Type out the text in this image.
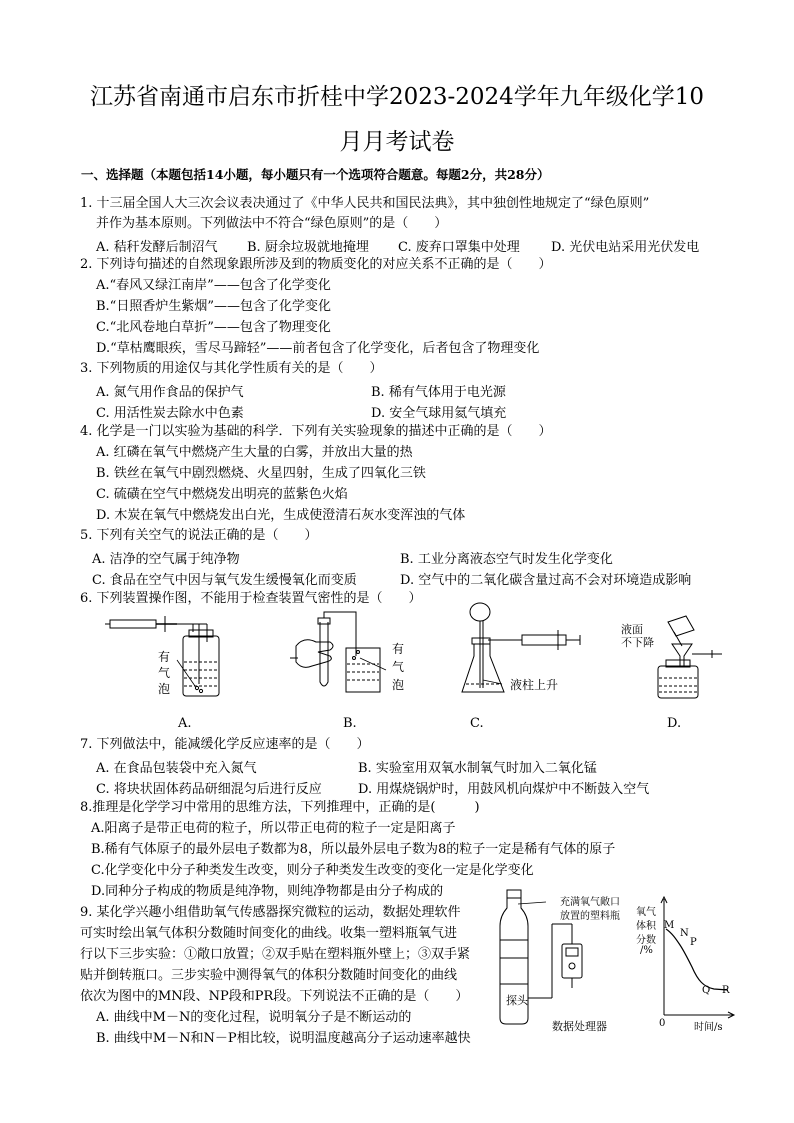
江苏省南通市启东市折桂中学2023-2024学年九年级化学10
月月考试卷
一、选择题（本题包括14小题，每小题只有一个选项符合题意。每题2分，共28分）
1. 十三届全国人大三次会议表决通过了《中华人民共和国民法典》，其中独创性地规定了“绿色原则”
并作为基本原则。下列做法中不符合“绿色原则”的是（　　）
A. 秸秆发酵后制沼气 B. 厨余垃圾就地掩埋 C. 废弃口罩集中处理 D. 光伏电站采用光伏发电
2. 下列诗句描述的自然现象跟所涉及到的物质变化的对应关系不正确的是（　　）
A.“春风又绿江南岸”——包含了化学变化
B.“日照香炉生紫烟”——包含了化学变化
C.“北风卷地白草折”——包含了物理变化
D.“草枯鹰眼疾，雪尽马蹄轻”——前者包含了化学变化，后者包含了物理变化
3. 下列物质的用途仅与其化学性质有关的是（　　）
A. 氮气用作食品的保护气	B. 稀有气体用于电光源
C. 用活性炭去除水中色素	D. 安全气球用氦气填充
4. 化学是一门以实验为基础的科学．下列有关实验现象的描述中正确的是（　　）
A. 红磷在氧气中燃烧产生大量的白雾，并放出大量的热
B. 铁丝在氧气中剧烈燃烧、火星四射，生成了四氧化三铁
C. 硫磺在空气中燃烧发出明亮的蓝紫色火焰
D. 木炭在氧气中燃烧发出白光，生成使澄清石灰水变浑浊的气体
5. 下列有关空气的说法正确的是（　　）
A. 洁净的空气属于纯净物	B. 工业分离液态空气时发生化学变化
C. 食品在空气中因与氧气发生缓慢氧化而变质	D. 空气中的二氧化碳含量过高不会对环境造成影响
6. 下列装置操作图，不能用于检查装置气密性的是（　　）
有
气
泡
有
气
泡	液柱上升
液面
不下降
A.	B.	C.	D.
7. 下列做法中，能减缓化学反应速率的是（　　）
A. 在食品包装袋中充入氮气	B. 实验室用双氧水制氧气时加入二氧化锰
C. 将块状固体药品研细混匀后进行反应	D. 用煤烧锅炉时，用鼓风机向煤炉中不断鼓入空气
8.推理是化学学习中常用的思维方法，下列推理中，正确的是(　　　)
A.阳离子是带正电荷的粒子，所以带正电荷的粒子一定是阳离子
B.稀有气体原子的最外层电子数都为8，所以最外层电子数为8的粒子一定是稀有气体的原子
C.化学变化中分子种类发生改变，则分子种类发生改变的变化一定是化学变化
D.同种分子构成的物质是纯净物，则纯净物都是由分子构成的
9. 某化学兴趣小组借助氧气传感器探究微粒的运动，数据处理软件
可实时绘出氧气体积分数随时间变化的曲线。收集一塑料瓶氧气进
行以下三步实验：①敞口放置；②双手贴在塑料瓶外壁上；③双手紧
贴并倒转瓶口。三步实验中测得氧气的体积分数随时间变化的曲线
依次为图中的MN段、NP段和PR段。下列说法不正确的是（　　）
A. 曲线中M－N的变化过程，说明氧分子是不断运动的
B. 曲线中M－N和N－P相比较，说明温度越高分子运动速率越快
充满氧气敞口
放置的塑料瓶
探头
数据处理器
氧气
体积
分数
/%
M
N
P
Q R
0	时间/s
